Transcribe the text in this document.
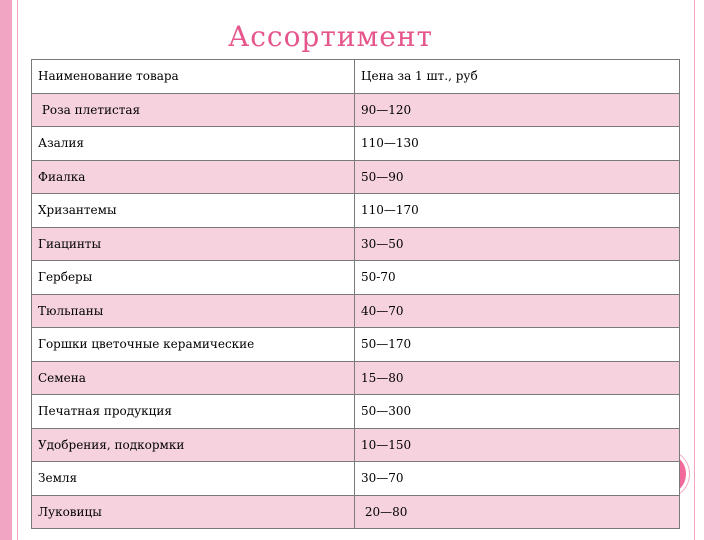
Ассортимент
Наименование товара	Цена за 1 шт., руб
Роза плетистая	90—120
Азалия	110—130
Фиалка	50—90
Хризантемы	110—170
Гиацинты	30—50
Герберы	50-70
Тюльпаны	40—70
Горшки цветочные керамические	50—170
Семена	15—80
Печатная продукция	50—300
Удобрения, подкормки	10—150
Земля	30—70
Луковицы	20—80
